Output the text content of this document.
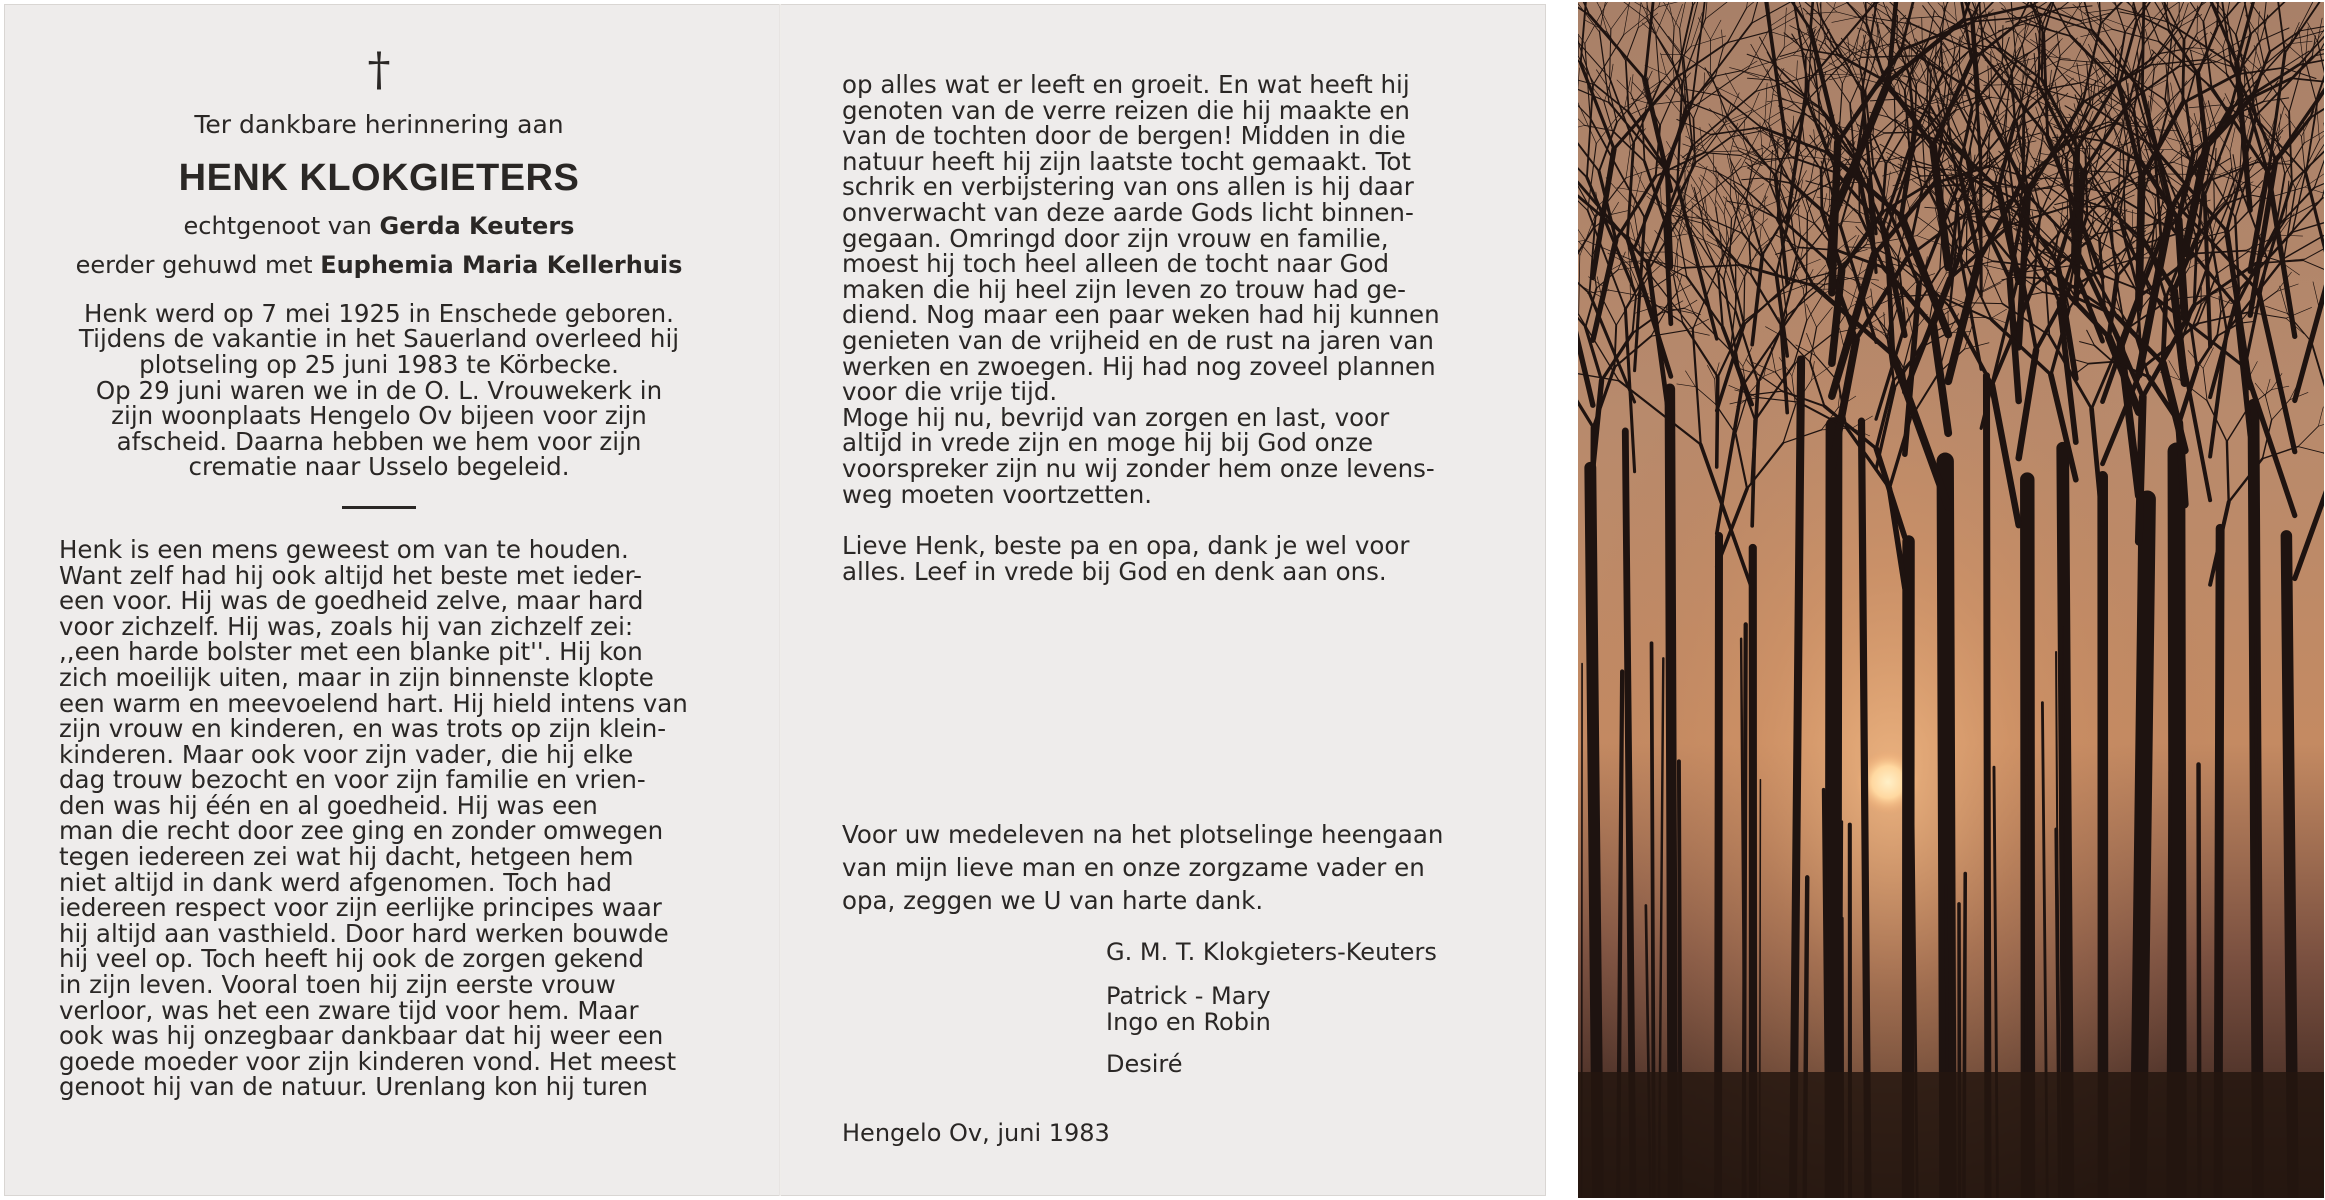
†
Ter dankbare herinnering aan
HENK KLOKGIETERS
echtgenoot van Gerda Keuters
eerder gehuwd met Euphemia Maria Kellerhuis

Henk werd op 7 mei 1925 in Enschede geboren.

Tijdens de vakantie in het Sauerland overleed hij

plotseling op 25 juni 1983 te Körbecke.

Op 29 juni waren we in de O. L. Vrouwekerk in

zijn woonplaats Hengelo Ov bijeen voor zijn

afscheid. Daarna hebben we hem voor zijn

crematie naar Usselo begeleid.

Henk is een mens geweest om van te houden.

Want zelf had hij ook altijd het beste met ieder-

een voor. Hij was de goedheid zelve, maar hard

voor zichzelf. Hij was, zoals hij van zichzelf zei:

,,een harde bolster met een blanke pit''. Hij kon

zich moeilijk uiten, maar in zijn binnenste klopte

een warm en meevoelend hart. Hij hield intens van

zijn vrouw en kinderen, en was trots op zijn klein-

kinderen. Maar ook voor zijn vader, die hij elke

dag trouw bezocht en voor zijn familie en vrien-

den was hij één en al goedheid. Hij was een

man die recht door zee ging en zonder omwegen

tegen iedereen zei wat hij dacht, hetgeen hem

niet altijd in dank werd afgenomen. Toch had

iedereen respect voor zijn eerlijke principes waar

hij altijd aan vasthield. Door hard werken bouwde

hij veel op. Toch heeft hij ook de zorgen gekend

in zijn leven. Vooral toen hij zijn eerste vrouw

verloor, was het een zware tijd voor hem. Maar

ook was hij onzegbaar dankbaar dat hij weer een

goede moeder voor zijn kinderen vond. Het meest

genoot hij van de natuur. Urenlang kon hij turen

op alles wat er leeft en groeit. En wat heeft hij

genoten van de verre reizen die hij maakte en

van de tochten door de bergen! Midden in die

natuur heeft hij zijn laatste tocht gemaakt. Tot

schrik en verbijstering van ons allen is hij daar

onverwacht van deze aarde Gods licht binnen-

gegaan. Omringd door zijn vrouw en familie,

moest hij toch heel alleen de tocht naar God

maken die hij heel zijn leven zo trouw had ge-

diend. Nog maar een paar weken had hij kunnen

genieten van de vrijheid en de rust na jaren van

werken en zwoegen. Hij had nog zoveel plannen

voor die vrije tijd.

Moge hij nu, bevrijd van zorgen en last, voor

altijd in vrede zijn en moge hij bij God onze

voorspreker zijn nu wij zonder hem onze levens-

weg moeten voortzetten.

Lieve Henk, beste pa en opa, dank je wel voor

alles. Leef in vrede bij God en denk aan ons.

Voor uw medeleven na het plotselinge heengaan
van mijn lieve man en onze zorgzame vader en
opa, zeggen we U van harte dank.
G. M. T. Klokgieters-Keuters
Patrick - Mary
Ingo en Robin
Desiré
Hengelo Ov, juni 1983
